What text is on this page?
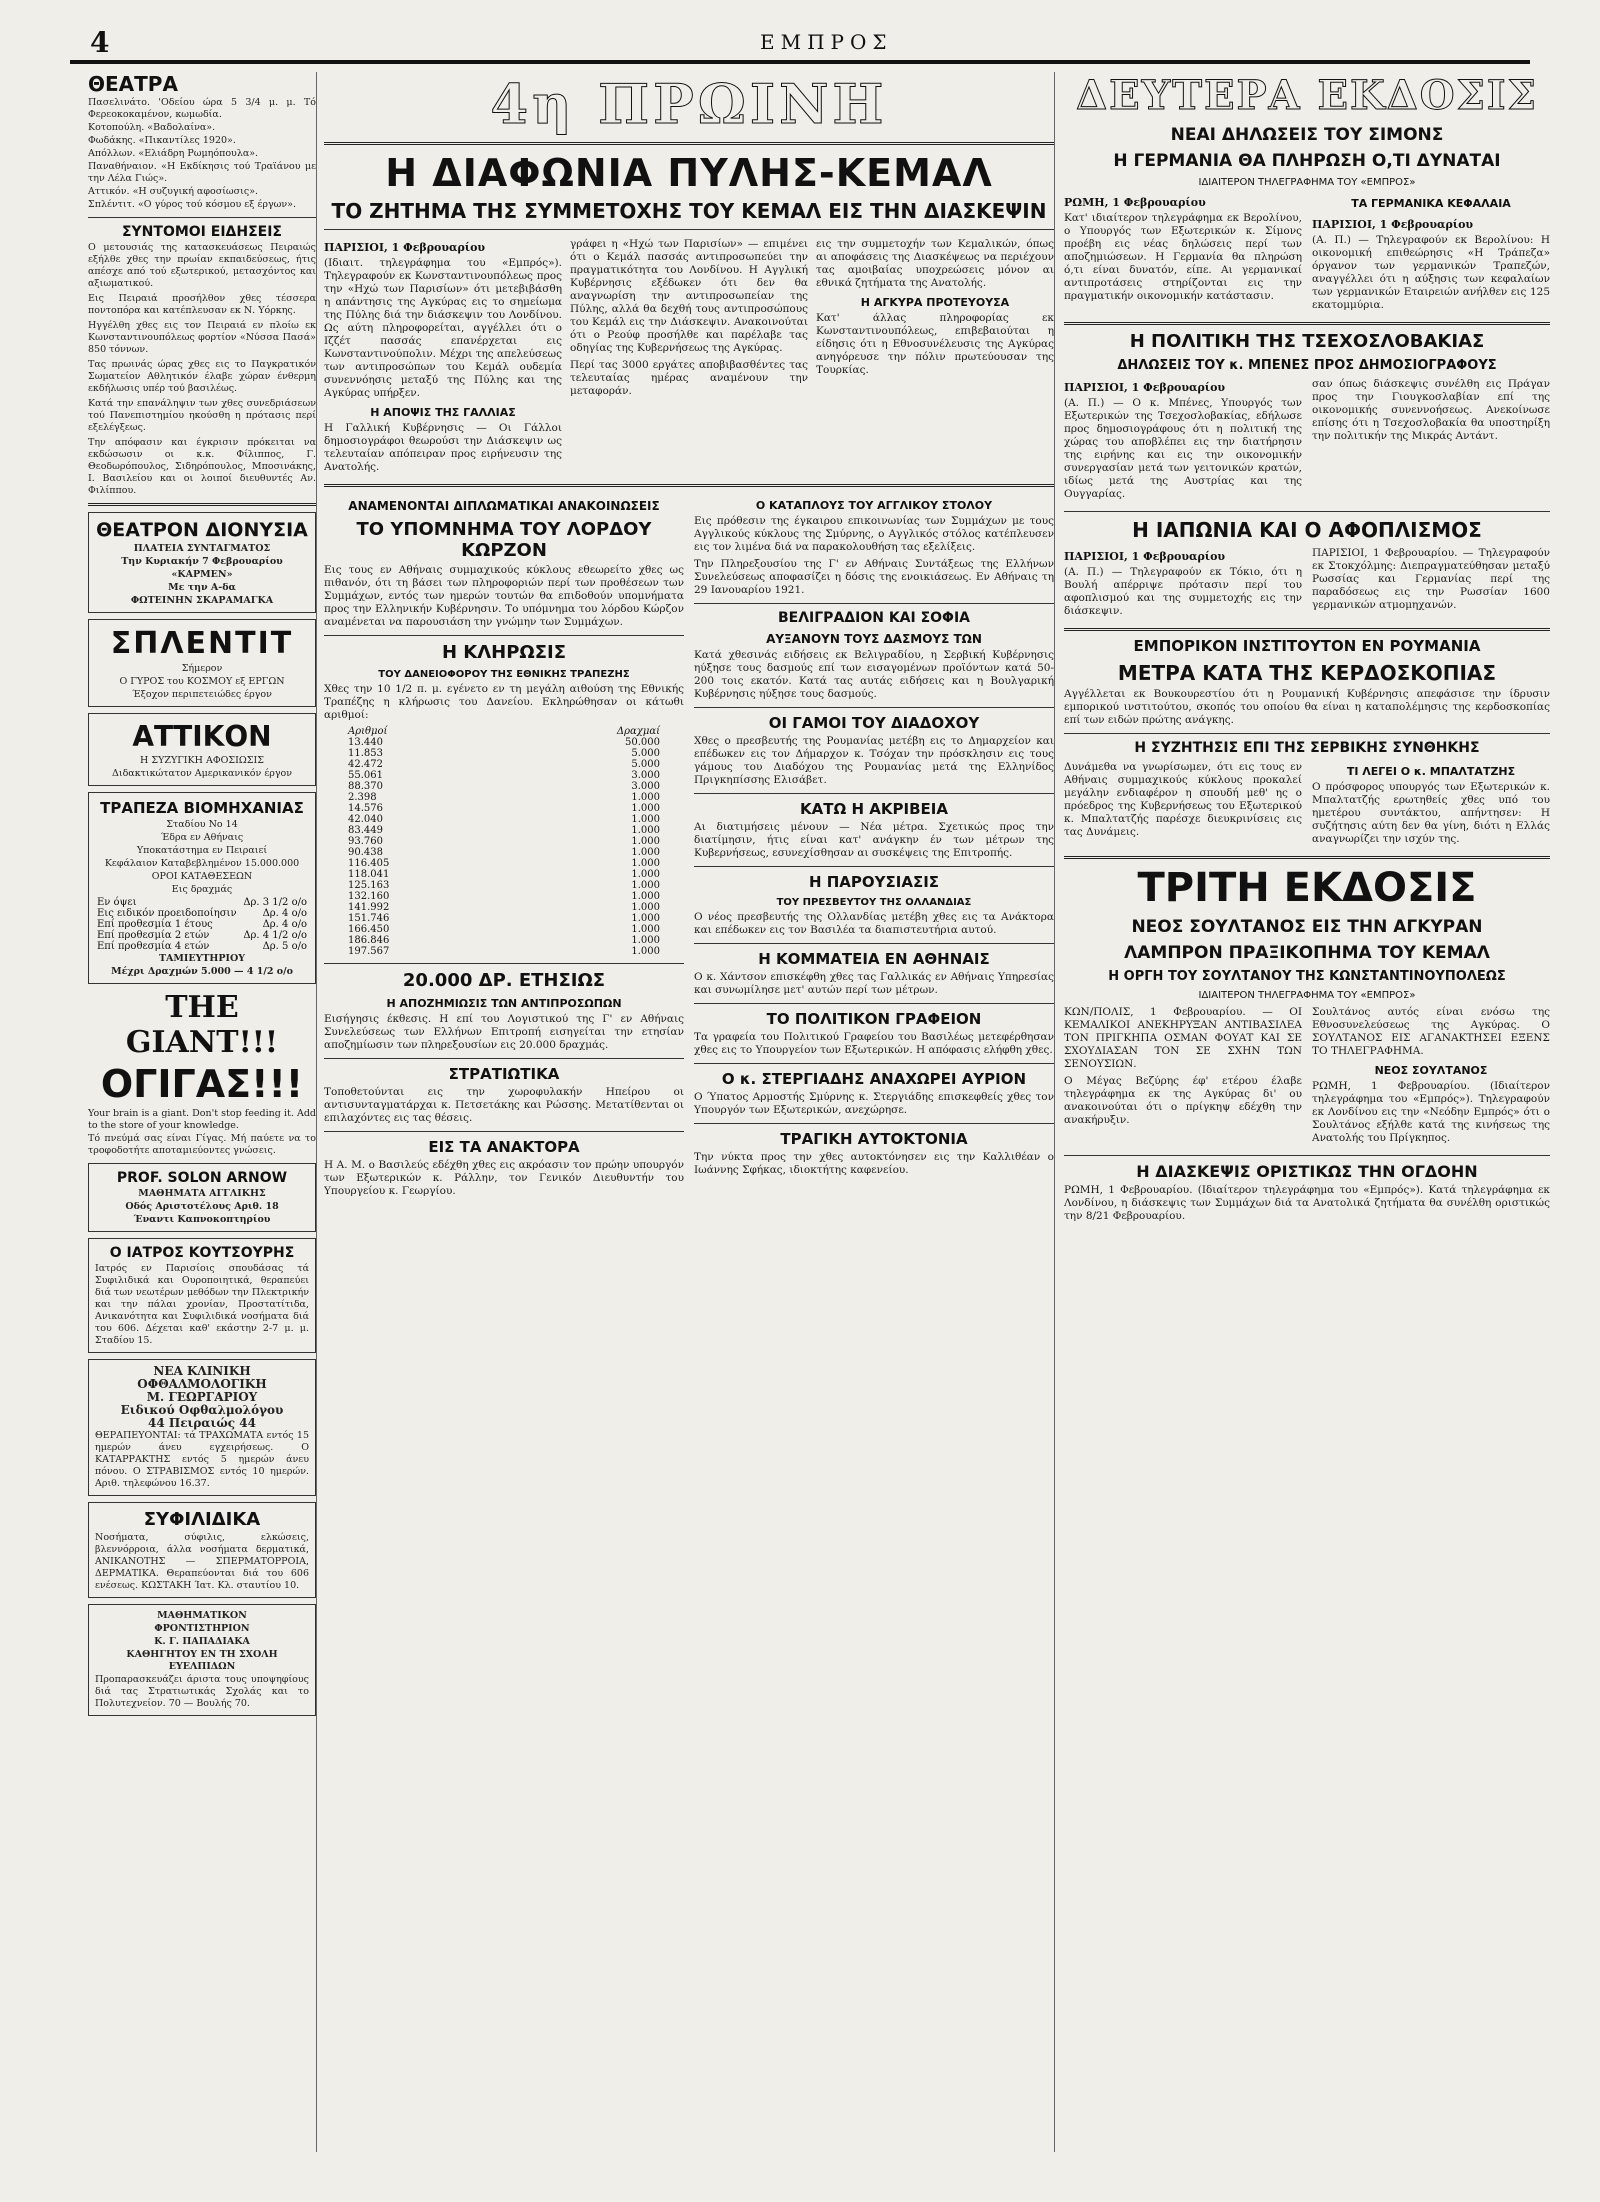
4	ΕΜΠΡΟΣ
ΘΕΑΤΡΑ
Πασελινάτο. 'Οδείου ώρα 5 3/4 μ. μ. Τό Φερεοκοκαμένον, κωμωδία.
Κοτοπούλη. «Βαδολαίνα».
Φωδάκης. «Πικαντίλες 1920».
Απόλλων. «Ελιάδρη Ρωμηόπουλα».
Παναθήναιον. «Η Εκδίκησις τού Τραϊάνου με την Λέλα Γιώς».
Αττικόν. «Η συζυγική αφοσίωσις».
Σπλέντιτ. «Ο γύρος τού κόσμου εξ έργων».
ΣΥΝΤΟΜΟΙ ΕΙΔΗΣΕΙΣ
Ο μετουσιάς της κατασκευάσεως Πειραιώς εξήλθε χθες την πρωίαν εκπαιδεύσεως, ήτις απέσχε από τού εξωτερικού, μετασχόντος και αξιωματικού.
Εις Πειραιά προσήλθον χθες τέσσερα ποντοπόρα και κατέπλευσαν εκ Ν. Υόρκης.
Ηγγέλθη χθες εις τον Πειραιά εν πλοίω εκ Κωνσταντινουπόλεως φορτίον «Νύσσα Πασά» 850 τόννων.
Τας πρωινάς ώρας χθες εις το Παγκρατικόν Σωματείον Αθλητικόν έλαβε χώραν ένθερμη εκδήλωσις υπέρ τού βασιλέως.
Κατά την επανάληψιν των χθες συνεδριάσεων τού Πανεπιστημίου ηκούσθη η πρότασις περί εξελέγξεως.
Την απόφασιν και έγκρισιν πρόκειται να εκδώσωσιν οι κ.κ. Φίλιππος, Γ. Θεοδωρόπουλος, Σιδηρόπουλος, Μποσινάκης, Ι. Βασιλείου και οι λοιποί διευθυντές Αν. Φιλίππου.
ΘΕΑΤΡΟΝ ΔΙΟΝΥΣΙΑ
ΠΛΑΤΕΙΑ ΣΥΝΤΑΓΜΑΤΟΣ
Την Κυριακήν 7 Φεβρουαρίου
«ΚΑΡΜΕΝ»
Με την Α-δα
ΦΩΤΕΙΝΗΝ ΣΚΑΡΑΜΑΓΚΑ
ΣΠΛΕΝΤΙΤ
Σήμερον
Ο ΓΥΡΟΣ του ΚΟΣΜΟΥ εξ ΕΡΓΩΝ
Έξοχον περιπετειώδες έργον
ΑΤΤΙΚΟΝ
Η ΣΥΖΥΓΙΚΗ ΑΦΟΣΙΩΣΙΣ
Διδακτικώτατον Αμερικανικόν έργον
ΤΡΑΠΕΖΑ ΒΙΟΜΗΧΑΝΙΑΣ
Σταδίου Νο 14
Έδρα εν Αθήναις
Υποκατάστημα εν Πειραιεί
Κεφάλαιον Καταβεβλημένον 15.000.000
ΟΡΟΙ ΚΑΤΑΘΕΣΕΩΝ
Εις δραχμάς
Εν όψει	Δρ. 3 1/2 ο/ο
Εις ειδικόν προειδοποίησιν	Δρ. 4 ο/ο
Επί προθεσμία 1 έτους	Δρ. 4 ο/ο
Επί προθεσμία 2 ετών	Δρ. 4 1/2 ο/ο
Επί προθεσμία 4 ετών	Δρ. 5 ο/ο
ΤΑΜΙΕΥΤΗΡΙΟΥ
Μέχρι Δραχμών 5.000 — 4 1/2 ο/ο
THE GIANT!!!
ΟΓΙΓΑΣ!!!
Your brain is a giant. Don't stop feeding it. Add to the store of your knowledge.
Τό πνεύμά σας είναι Γίγας. Μή παύετε να το τροφοδοτήτε αποταμιεύοντες γνώσεις.
PROF. SOLON ARNOW
ΜΑΘΗΜΑΤΑ ΑΓΓΛΙΚΗΣ
Οδός Αριστοτέλους Αριθ. 18
Έναντι Καπνοκοπτηρίου
Ο ΙΑΤΡΟΣ ΚΟΥΤΣΟΥΡΗΣ

Ιατρός εν Παρισίοις σπουδάσας τά Συφιλιδικά και Ουροποιητικά, θεραπεύει διά των νεωτέρων μεθόδων την Πλεκτρικήν και την πάλαι χρονίαν, Προστατίτιδα, Ανικανότητα και Συφιλιδικά νοσήματα διά του 606. Δέχεται καθ' εκάστην 2-7 μ. μ. Σταδίου 15.

ΝΕΑ ΚΛΙΝΙΚΗ
ΟΦΘΑΛΜΟΛΟΓΙΚΗ
Μ. ΓΕΩΡΓΑΡΙΟΥ
Ειδικού Οφθαλμολόγου
44 Πειραιώς 44

ΘΕΡΑΠΕΥΟΝΤΑΙ: τά ΤΡΑΧΩΜΑΤΑ εντός 15 ημερών άνευ εγχειρήσεως. Ο ΚΑΤΑΡΡΑΚΤΗΣ εντός 5 ημερών άνευ πόνου. Ο ΣΤΡΑΒΙΣΜΟΣ εντός 10 ημερών. Αριθ. τηλεφώνου 16.37.

ΣΥΦΙΛΙΔΙΚΑ

Νοσήματα, σύφιλις, ελκώσεις, βλεννόρροια, άλλα νοσήματα δερματικά, ΑΝΙΚΑΝΟΤΗΣ — ΣΠΕΡΜΑΤΟΡΡΟΙΑ, ΔΕΡΜΑΤΙΚΑ. Θεραπεύονται διά του 606 ενέσεως. ΚΩΣΤΑΚΗ Ίατ. Κλ. σταυτίου 10.

ΜΑΘΗΜΑΤΙΚΟΝ
ΦΡΟΝΤΙΣΤΗΡΙΟΝ
Κ. Γ. ΠΑΠΑΔΙΑΚΑ
ΚΑΘΗΓΗΤΟΥ ΕΝ ΤΗ ΣΧΟΛΗ ΕΥΕΛΠΙΔΩΝ

Προπαρασκευάζει άριστα τους υποψηφίους διά τας Στρατιωτικάς Σχολάς και το Πολυτεχνείον. 70 — Βουλής 70.

4η ΠΡΩΙΝΗ
Η ΔΙΑΦΩΝΙΑ ΠΥΛΗΣ-ΚΕΜΑΛ
ΤΟ ΖΗΤΗΜΑ ΤΗΣ ΣΥΜΜΕΤΟΧΗΣ ΤΟΥ ΚΕΜΑΛ ΕΙΣ ΤΗΝ ΔΙΑΣΚΕΨΙΝ
ΠΑΡΙΣΙΟΙ, 1 Φεβρουαρίου

(Ιδιαιτ. τηλεγράφημα του «Εμπρός»). Τηλεγραφούν εκ Κωνσταντινουπόλεως προς την «Ηχώ των Παρισίων» ότι μετεβιβάσθη η απάντησις της Αγκύρας εις το σημείωμα της Πύλης διά την διάσκεψιν του Λονδίνου. Ως αύτη πληροφορείται, αγγέλλει ότι ο Ιζζέτ πασσάς επανέρχεται εις Κωνσταντινούπολιν. Μέχρι της απελεύσεως των αντιπροσώπων του Κεμάλ ουδεμία συνεννόησις μεταξύ της Πύλης και της Αγκύρας υπήρξεν.

Η ΑΠΟΨΙΣ ΤΗΣ ΓΑΛΛΙΑΣ

Η Γαλλική Κυβέρνησις — Οι Γάλλοι δημοσιογράφοι θεωρούσι την Διάσκεψιν ως τελευταίαν απόπειραν προς ειρήνευσιν της Ανατολής.

γράφει η «Ηχώ των Παρισίων» — επιμένει ότι ο Κεμάλ πασσάς αντιπροσωπεύει την πραγματικότητα του Λονδίνου. Η Αγγλική Κυβέρνησις εξέδωκεν ότι δεν θα αναγνωρίση την αντιπροσωπείαν της Πύλης, αλλά θα δεχθή τους αντιπροσώπους του Κεμάλ εις την Διάσκεψιν. Ανακοινούται ότι ο Ρεούφ προσήλθε και παρέλαβε τας οδηγίας της Κυβερνήσεως της Αγκύρας.

Περί τας 3000 εργάτες αποβιβασθέντες τας τελευταίας ημέρας αναμένουν την μεταφοράν.

εις την συμμετοχήν των Κεμαλικών, όπως αι αποφάσεις της Διασκέψεως να περιέχουν τας αμοιβαίας υποχρεώσεις μόνον αι εθνικά ζητήματα της Ανατολής.

Η ΑΓΚΥΡΑ ΠΡΟΤΕΥΟΥΣΑ

Κατ' άλλας πληροφορίας εκ Κωνσταντινουπόλεως, επιβεβαιούται η είδησις ότι η Εθνοσυνέλευσις της Αγκύρας ανηγόρευσε την πόλιν πρωτεύουσαν της Τουρκίας.

ΑΝΑΜΕΝΟΝΤΑΙ ΔΙΠΛΩΜΑΤΙΚΑΙ ΑΝΑΚΟΙΝΩΣΕΙΣ
ΤΟ ΥΠΟΜΝΗΜΑ ΤΟΥ ΛΟΡΔΟΥ ΚΩΡΖΟΝ

Εις τους εν Αθήναις συμμαχικούς κύκλους εθεωρείτο χθες ως πιθανόν, ότι τη βάσει των πληροφοριών περί των προθέσεων των Συμμάχων, εντός των ημερών τουτών θα επιδοθούν υπομνήματα προς την Ελληνικήν Κυβέρνησιν. Το υπόμνημα του λόρδου Κώρζον αναμένεται να παρουσιάση την γνώμην των Συμμάχων.

Η ΚΛΗΡΩΣΙΣ
ΤΟΥ ΔΑΝΕΙΟΦΟΡΟΥ ΤΗΣ ΕΘΝΙΚΗΣ ΤΡΑΠΕΖΗΣ

Χθες την 10 1/2 π. μ. εγένετο εν τη μεγάλη αιθούση της Εθνικής Τραπέζης η κλήρωσις του Δανείου. Εκληρώθησαν οι κάτωθι αριθμοί:

Αριθμοί	Δραχμαί
13.440	50.000
11.853	5.000
42.472	5.000
55.061	3.000
88.370	3.000
2.398	1.000
14.576	1.000
42.040	1.000
83.449	1.000
93.760	1.000
90.438	1.000
116.405	1.000
118.041	1.000
125.163	1.000
132.160	1.000
141.992	1.000
151.746	1.000
166.450	1.000
186.846	1.000
197.567	1.000
20.000 ΔΡ. ΕΤΗΣΙΩΣ
Η ΑΠΟΖΗΜΙΩΣΙΣ ΤΩΝ ΑΝΤΙΠΡΟΣΩΠΩΝ

Εισήγησις έκθεσις. Η επί του Λογιστικού της Γ' εν Αθήναις Συνελεύσεως των Ελλήνων Επιτροπή εισηγείται την ετησίαν αποζημίωσιν των πληρεξουσίων εις 20.000 δραχμάς.

ΣΤΡΑΤΙΩΤΙΚΑ

Τοποθετούνται εις την χωροφυλακήν Ηπείρου οι αντισυνταγματάρχαι κ. Πετσετάκης και Ρώσσης. Μετατίθενται οι επιλαχόντες εις τας θέσεις.

ΕΙΣ ΤΑ ΑΝΑΚΤΟΡΑ

Η Α. Μ. ο Βασιλεύς εδέχθη χθες εις ακρόασιν τον πρώην υπουργόν των Εξωτερικών κ. Ράλλην, τον Γενικόν Διευθυντήν του Υπουργείου κ. Γεωργίου.

Ο ΚΑΤΑΠΛΟΥΣ ΤΟΥ ΑΓΓΛΙΚΟΥ ΣΤΟΛΟΥ

Εις πρόθεσιν της έγκαιρου επικοινωνίας των Συμμάχων με τους Αγγλικούς κύκλους της Σμύρνης, ο Αγγλικός στόλος κατέπλευσεν εις τον λιμένα διά να παρακολουθήση τας εξελίξεις.

Την Πληρεξουσίου της Γ' εν Αθήναις Συντάξεως της Ελλήνων Συνελεύσεως αποφασίζει η δόσις της ενοικιάσεως. Εν Αθήναις τη 29 Ιανουαρίου 1921.

ΒΕΛΙΓΡΑΔΙΟΝ ΚΑΙ ΣΟΦΙΑ
ΑΥΞΑΝΟΥΝ ΤΟΥΣ ΔΑΣΜΟΥΣ ΤΩΝ

Κατά χθεσινάς ειδήσεις εκ Βελιγραδίου, η Σερβική Κυβέρνησις ηύξησε τους δασμούς επί των εισαγομένων προϊόντων κατά 50-200 τοις εκατόν. Κατά τας αυτάς ειδήσεις και η Βουλγαρική Κυβέρνησις ηύξησε τους δασμούς.

ΟΙ ΓΑΜΟΙ ΤΟΥ ΔΙΑΔΟΧΟΥ

Χθες ο πρεσβευτής της Ρουμανίας μετέβη εις το Δημαρχείον και επέδωκεν εις τον Δήμαρχον κ. Τσόχαν την πρόσκλησιν εις τους γάμους του Διαδόχου της Ρουμανίας μετά της Ελληνίδος Πριγκηπίσσης Ελισάβετ.

ΚΑΤΩ Η ΑΚΡΙΒΕΙΑ

Αι διατιμήσεις μένουν — Νέα μέτρα. Σχετικώς προς την διατίμησιν, ήτις είναι κατ' ανάγκην έν των μέτρων της Κυβερνήσεως, εσυνεχίσθησαν αι συσκέψεις της Επιτροπής.

Η ΠΑΡΟΥΣΙΑΣΙΣ
ΤΟΥ ΠΡΕΣΒΕΥΤΟΥ ΤΗΣ ΟΛΛΑΝΔΙΑΣ

Ο νέος πρεσβευτής της Ολλανδίας μετέβη χθες εις τα Ανάκτορα και επέδωκεν εις τον Βασιλέα τα διαπιστευτήρια αυτού.

Η ΚΟΜΜΑΤΕΙΑ ΕΝ ΑΘΗΝΑΙΣ

Ο κ. Χάντσον επισκέφθη χθες τας Γαλλικάς εν Αθήναις Υπηρεσίας και συνωμίλησε μετ' αυτών περί των μέτρων.

ΤΟ ΠΟΛΙΤΙΚΟΝ ΓΡΑΦΕΙΟΝ

Τα γραφεία του Πολιτικού Γραφείου του Βασιλέως μετεφέρθησαν χθες εις το Υπουργείον των Εξωτερικών. Η απόφασις ελήφθη χθες.

Ο κ. ΣΤΕΡΓΙΑΔΗΣ ΑΝΑΧΩΡΕΙ ΑΥΡΙΟΝ

Ο Ύπατος Αρμοστής Σμύρνης κ. Στεργιάδης επισκεφθείς χθες τον Υπουργόν των Εξωτερικών, ανεχώρησε.

ΤΡΑΓΙΚΗ ΑΥΤΟΚΤΟΝΙΑ

Την νύκτα προς την χθες αυτοκτόνησεν εις την Καλλιθέαν ο Ιωάννης Σφήκας, ιδιοκτήτης καφενείου.

ΔΕΥΤΕΡΑ ΕΚΔΟΣΙΣ
ΝΕΑΙ ΔΗΛΩΣΕΙΣ ΤΟΥ ΣΙΜΟΝΣ
Η ΓΕΡΜΑΝΙΑ ΘΑ ΠΛΗΡΩΣΗ Ο,ΤΙ ΔΥΝΑΤΑΙ
ΙΔΙΑΙΤΕΡΟΝ ΤΗΛΕΓΡΑΦΗΜΑ ΤΟΥ «ΕΜΠΡΟΣ»
ΡΩΜΗ, 1 Φεβρουαρίου

Κατ' ιδιαίτερον τηλεγράφημα εκ Βερολίνου, ο Υπουργός των Εξωτερικών κ. Σίμονς προέβη εις νέας δηλώσεις περί των αποζημιώσεων. Η Γερμανία θα πληρώση ό,τι είναι δυνατόν, είπε. Αι γερμανικαί αντιπροτάσεις στηρίζονται εις την πραγματικήν οικονομικήν κατάστασιν.

ΤΑ ΓΕΡΜΑΝΙΚΑ ΚΕΦΑΛΑΙΑ
ΠΑΡΙΣΙΟΙ, 1 Φεβρουαρίου

(Α. Π.) — Τηλεγραφούν εκ Βερολίνου: Η οικονομική επιθεώρησις «Η Τράπεζα» όργανον των γερμανικών Τραπεζών, αναγγέλλει ότι η αύξησις των κεφαλαίων των γερμανικών Εταιρειών ανήλθεν εις 125 εκατομμύρια.

Η ΠΟΛΙΤΙΚΗ ΤΗΣ ΤΣΕΧΟΣΛΟΒΑΚΙΑΣ
ΔΗΛΩΣΕΙΣ ΤΟΥ κ. ΜΠΕΝΕΣ ΠΡΟΣ ΔΗΜΟΣΙΟΓΡΑΦΟΥΣ
ΠΑΡΙΣΙΟΙ, 1 Φεβρουαρίου

(Α. Π.) — Ο κ. Μπένες, Υπουργός των Εξωτερικών της Τσεχοσλοβακίας, εδήλωσε προς δημοσιογράφους ότι η πολιτική της χώρας του αποβλέπει εις την διατήρησιν της ειρήνης και εις την οικονομικήν συνεργασίαν μετά των γειτονικών κρατών, ιδίως μετά της Αυστρίας και της Ουγγαρίας.

σαν όπως διάσκεψις συνέλθη εις Πράγαν προς την Γιουγκοσλαβίαν επί της οικονομικής συνεννοήσεως. Ανεκοίνωσε επίσης ότι η Τσεχοσλοβακία θα υποστηρίξη την πολιτικήν της Μικράς Αντάντ.

Η ΙΑΠΩΝΙΑ ΚΑΙ Ο ΑΦΟΠΛΙΣΜΟΣ
ΠΑΡΙΣΙΟΙ, 1 Φεβρουαρίου

(Α. Π.) — Τηλεγραφούν εκ Τόκιο, ότι η Βουλή απέρριψε πρότασιν περί του αφοπλισμού και της συμμετοχής εις την διάσκεψιν.

ΠΑΡΙΣΙΟΙ, 1 Φεβρουαρίου. — Τηλεγραφούν εκ Στοκχόλμης: Διεπραγματεύθησαν μεταξύ Ρωσσίας και Γερμανίας περί της παραδόσεως εις την Ρωσσίαν 1600 γερμανικών ατμομηχανών.

ΕΜΠΟΡΙΚΟΝ ΙΝΣΤΙΤΟΥΤΟΝ ΕΝ ΡΟΥΜΑΝΙΑ
ΜΕΤΡΑ ΚΑΤΑ ΤΗΣ ΚΕΡΔΟΣΚΟΠΙΑΣ

Αγγέλλεται εκ Βουκουρεστίου ότι η Ρουμανική Κυβέρνησις απεφάσισε την ίδρυσιν εμπορικού ινστιτούτου, σκοπός του οποίου θα είναι η καταπολέμησις της κερδοσκοπίας επί των ειδών πρώτης ανάγκης.

Η ΣΥΖΗΤΗΣΙΣ ΕΠΙ ΤΗΣ ΣΕΡΒΙΚΗΣ ΣΥΝΘΗΚΗΣ

Δυνάμεθα να γνωρίσωμεν, ότι εις τους εν Αθήναις συμμαχικούς κύκλους προκαλεί μεγάλην ενδιαφέρον η σπουδή μεθ' ης ο πρόεδρος της Κυβερνήσεως του Εξωτερικού κ. Μπαλτατζής παρέσχε διευκρινίσεις εις τας Δυνάμεις.

ΤΙ ΛΕΓΕΙ Ο κ. ΜΠΑΛΤΑΤΖΗΣ

Ο πρόσφορος υπουργός των Εξωτερικών κ. Μπαλτατζής ερωτηθείς χθες υπό του ημετέρου συντάκτου, απήντησεν: Η συζήτησις αύτη δεν θα γίνη, διότι η Ελλάς αναγνωρίζει την ισχύν της.

ΤΡΙΤΗ ΕΚΔΟΣΙΣ
ΝΕΟΣ ΣΟΥΛΤΑΝΟΣ ΕΙΣ ΤΗΝ ΑΓΚΥΡΑΝ
ΛΑΜΠΡΟΝ ΠΡΑΞΙΚΟΠΗΜΑ ΤΟΥ ΚΕΜΑΛ
Η ΟΡΓΗ ΤΟΥ ΣΟΥΛΤΑΝΟΥ ΤΗΣ ΚΩΝΣΤΑΝΤΙΝΟΥΠΟΛΕΩΣ
ΙΔΙΑΙΤΕΡΟΝ ΤΗΛΕΓΡΑΦΗΜΑ ΤΟΥ «ΕΜΠΡΟΣ»

ΚΩΝ/ΠΟΛΙΣ, 1 Φεβρουαρίου. — ΟΙ ΚΕΜΑΛΙΚΟΙ ΑΝΕΚΗΡΥΞΑΝ ΑΝΤΙΒΑΣΙΛΕΑ ΤΟΝ ΠΡΙΓΚΗΠΑ ΟΣΜΑΝ ΦΟΥΑΤ ΚΑΙ ΣΕ ΣΧΟΥΔΙΑΣΑΝ ΤΟΝ ΣΕ ΣΧΗΝ ΤΩΝ ΣΕΝΟΥΣΙΩΝ.

Ο Μέγας Βεζύρης έφ' ετέρου έλαβε τηλεγράφημα εκ της Αγκύρας δι' ου ανακοινούται ότι ο πρίγκηψ εδέχθη την ανακήρυξιν.

Σουλτάνος αυτός είναι ενόσω της Εθνοσυνελεύσεως της Αγκύρας. Ο ΣΟΥΛΤΑΝΟΣ ΕΙΣ ΑΓΑΝΑΚΤΗΣΕΙ ΕΞΕΝΣ ΤΟ ΤΗΛΕΓΡΑΦΗΜΑ.

ΝΕΟΣ ΣΟΥΛΤΑΝΟΣ

ΡΩΜΗ, 1 Φεβρουαρίου. (Ιδιαίτερον τηλεγράφημα του «Εμπρός»). Τηλεγραφούν εκ Λονδίνου εις την «Νεόδην Εμπρός» ότι ο Σουλτάνος εξήλθε κατά της κινήσεως της Ανατολής του Πρίγκηπος.

Η ΔΙΑΣΚΕΨΙΣ ΟΡΙΣΤΙΚΩΣ ΤΗΝ ΟΓΔΟΗΝ

ΡΩΜΗ, 1 Φεβρουαρίου. (Ιδιαίτερον τηλεγράφημα του «Εμπρός»). Κατά τηλεγράφημα εκ Λονδίνου, η διάσκεψις των Συμμάχων διά τα Ανατολικά ζητήματα θα συνέλθη οριστικώς την 8/21 Φεβρουαρίου.
